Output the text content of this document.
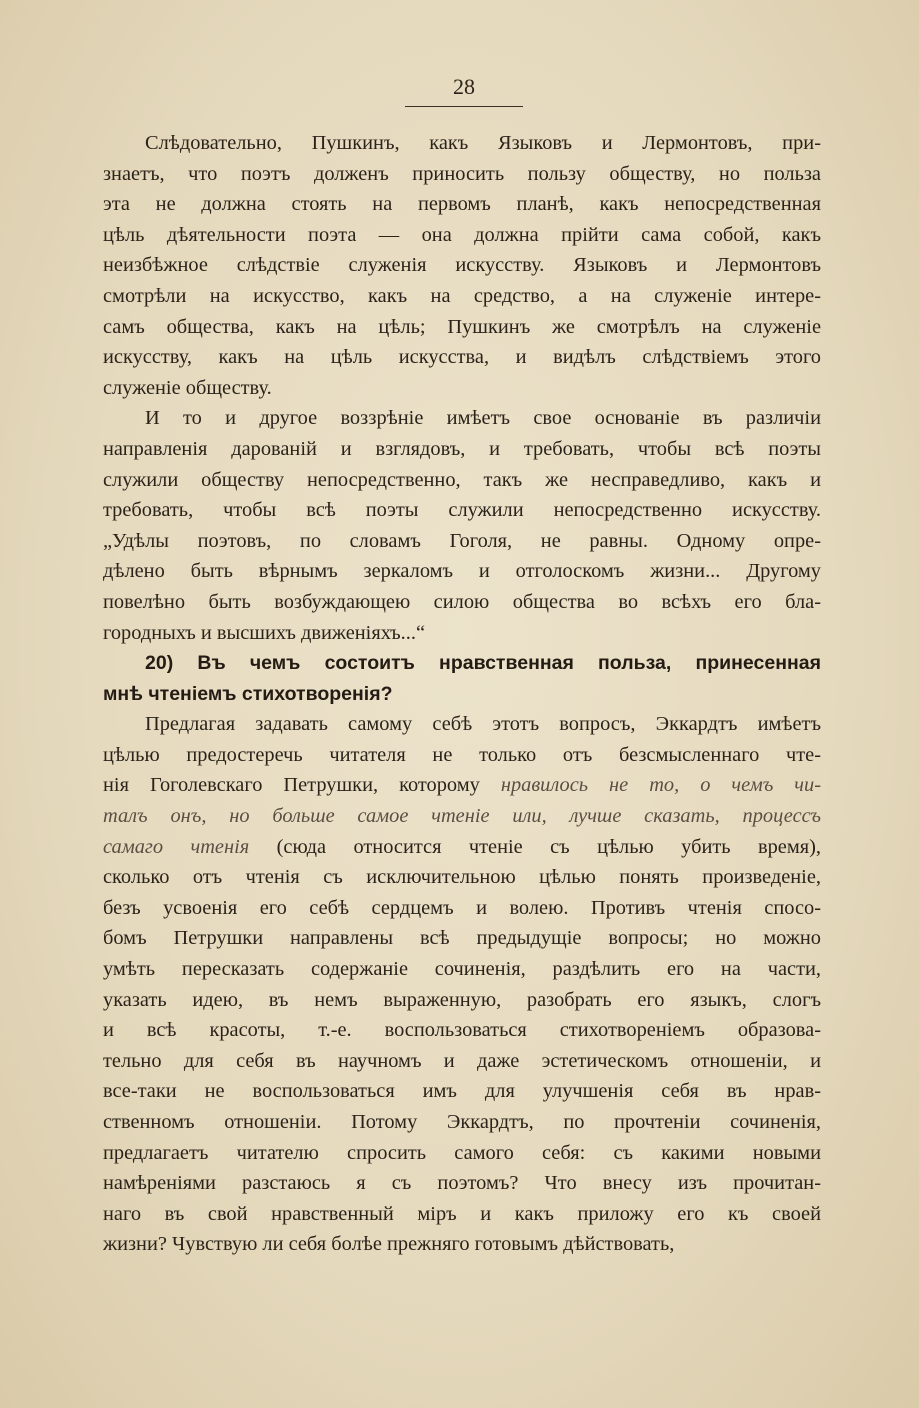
28
Слѣдовательно, Пушкинъ, какъ Языковъ и Лермонтовъ, при-
знаетъ, что поэтъ долженъ приносить пользу обществу, но польза
эта не должна стоять на первомъ планѣ, какъ непосредственная
цѣль дѣятельности поэта — она должна прійти сама собой, какъ
неизбѣжное слѣдствіе служенія искусству. Языковъ и Лермонтовъ
смотрѣли на искусство, какъ на средство, а на служеніе интере-
самъ общества, какъ на цѣль; Пушкинъ же смотрѣлъ на служеніе
искусству, какъ на цѣль искусства, и видѣлъ слѣдствіемъ этого
служеніе обществу.
И то и другое воззрѣніе имѣетъ свое основаніе въ различіи
направленія дарованій и взглядовъ, и требовать, чтобы всѣ поэты
служили обществу непосредственно, такъ же несправедливо, какъ и
требовать, чтобы всѣ поэты служили непосредственно искусству.
„Удѣлы поэтовъ, по словамъ Гоголя, не равны. Одному опре-
дѣлено быть вѣрнымъ зеркаломъ и отголоскомъ жизни... Другому
повелѣно быть возбуждающею силою общества во всѣхъ его бла-
городныхъ и высшихъ движеніяхъ...“
20) Въ чемъ состоитъ нравственная польза, принесенная
мнѣ чтеніемъ стихотворенія?
Предлагая задавать самому себѣ этотъ вопросъ, Эккардтъ имѣетъ
цѣлью предостеречь читателя не только отъ безсмысленнаго чте-
нія Гоголевскаго Петрушки, которому нравилось не то, о чемъ чи-
талъ онъ, но больше самое чтеніе или, лучше сказать, процессъ
самаго чтенія (сюда относится чтеніе съ цѣлью убить время),
сколько отъ чтенія съ исключительною цѣлью понять произведеніе,
безъ усвоенія его себѣ сердцемъ и волею. Противъ чтенія спосо-
бомъ Петрушки направлены всѣ предыдущіе вопросы; но можно
умѣть пересказать содержаніе сочиненія, раздѣлить его на части,
указать идею, въ немъ выраженную, разобрать его языкъ, слогъ
и всѣ красоты, т.-е. воспользоваться стихотвореніемъ образова-
тельно для себя въ научномъ и даже эстетическомъ отношеніи, и
все-таки не воспользоваться имъ для улучшенія себя въ нрав-
ственномъ отношеніи. Потому Эккардтъ, по прочтеніи сочиненія,
предлагаетъ читателю спросить самого себя: съ какими новыми
намѣреніями разстаюсь я съ поэтомъ? Что внесу изъ прочитан-
наго въ свой нравственный міръ и какъ приложу его къ своей
жизни? Чувствую ли себя болѣе прежняго готовымъ дѣйствовать,
